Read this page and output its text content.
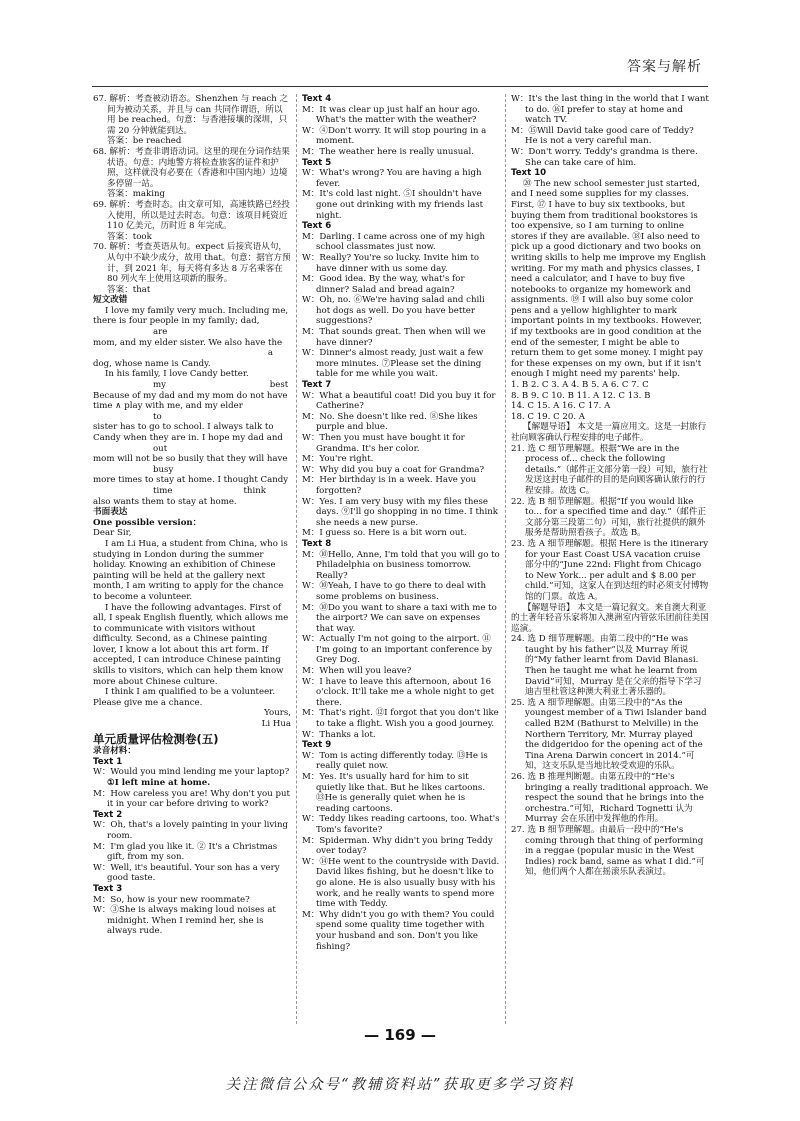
答案与解析

67. 解析：考查被动语态。Shenzhen 与 reach 之间为被动关系，并且与 can 共同作谓语，所以用 be reached。句意：与香港接壤的深圳，只需 20 分钟就能到达。

答案：be reached

68. 解析：考查非谓语动词。这里的现在分词作结果状语。句意：内地警方将检查旅客的证件和护照，这样就没有必要在（香港和中国内地）边境多停留一站。

答案：making

69. 解析：考查时态。由文章可知，高速铁路已经投入使用，所以是过去时态。句意：该项目耗资近 110 亿美元，历时近 8 年完成。

答案：took

70. 解析：考查英语从句。expect 后接宾语从句，从句中不缺少成分，故用 that。句意：据官方预计，到 2021 年，每天将有多达 8 万名乘客在 80 列火车上使用这项新的服务。

答案：that

短文改错

I love my family very much. Including me, there is four people in my family; dad,

are

mom, and my elder sister. We also have the

a

dog, whose name is Candy.

In his family, I love Candy better.

my                                      best

Because of my dad and my mom do not have time ∧ play with me, and my elder

to

sister has to go to school. I always talk to Candy when they are in. I hope my dad and

out

mom will not be so busily that they will have

busy

more times to stay at home. I thought Candy

time                          think

also wants them to stay at home.

书面表达

One possible version：

Dear Sir,

I am Li Hua, a student from China, who is studying in London during the summer holiday. Knowing an exhibition of Chinese painting will be held at the gallery next month, I am writing to apply for the chance to become a volunteer.

I have the following advantages. First of all, I speak English fluently, which allows me to communicate with visitors without difficulty. Second, as a Chinese painting lover, I know a lot about this art form. If accepted, I can introduce Chinese painting skills to visitors, which can help them know more about Chinese culture.

I think I am qualified to be a volunteer. Please give me a chance.

Yours,

Li Hua

单元质量评估检测卷(五)

录音材料：

Text 1

W：Would you mind lending me your laptop?

①I left mine at home.

M：How careless you are! Why don't you put it in your car before driving to work?

Text 2

W：Oh, that's a lovely painting in your living room.

M：I'm glad you like it. ② It's a Christmas gift, from my son.

W：Well, it's beautiful. Your son has a very good taste.

Text 3

M：So, how is your new roommate?

W：③She is always making loud noises at midnight. When I remind her, she is always rude.

Text 4

M：It was clear up just half an hour ago. What's the matter with the weather?

W：④Don't worry. It will stop pouring in a moment.

M：The weather here is really unusual.

Text 5

W：What's wrong? You are having a high fever.

M：It's cold last night. ⑤I shouldn't have gone out drinking with my friends last night.

Text 6

M：Darling. I came across one of my high school classmates just now.

W：Really? You're so lucky. Invite him to have dinner with us some day.

M：Good idea. By the way, what's for dinner? Salad and bread again?

W：Oh, no. ⑥We're having salad and chili hot dogs as well. Do you have better suggestions?

M：That sounds great. Then when will we have dinner?

W：Dinner's almost ready, just wait a few more minutes. ⑦Please set the dining table for me while you wait.

Text 7

W：What a beautiful coat! Did you buy it for Catherine?

M：No. She doesn't like red. ⑧She likes purple and blue.

W：Then you must have bought it for Grandma. It's her color.

M：You're right.

W：Why did you buy a coat for Grandma?

M：Her birthday is in a week. Have you forgotten?

W：Yes. I am very busy with my files these days. ⑨I'll go shopping in no time. I think she needs a new purse.

M：I guess so. Here is a bit worn out.

Text 8

M：⑩Hello, Anne, I'm told that you will go to Philadelphia on business tomorrow. Really?

W：⑩Yeah, I have to go there to deal with some problems on business.

M：⑩Do you want to share a taxi with me to the airport? We can save on expenses that way.

W：Actually I'm not going to the airport. ⑪ I'm going to an important conference by Grey Dog.

M：When will you leave?

W：I have to leave this afternoon, about 16 o'clock. It'll take me a whole night to get there.

M：That's right. ⑫I forgot that you don't like to take a flight. Wish you a good journey.

W：Thanks a lot.

Text 9

W：Tom is acting differently today. ⑬He is really quiet now.

M：Yes. It's usually hard for him to sit quietly like that. But he likes cartoons. ⑬He is generally quiet when he is reading cartoons.

W：Teddy likes reading cartoons, too. What's Tom's favorite?

M：Spiderman. Why didn't you bring Teddy over today?

W：⑭He went to the countryside with David. David likes fishing, but he doesn't like to go alone. He is also usually busy with his work, and he really wants to spend more time with Teddy.

M：Why didn't you go with them? You could spend some quality time together with your husband and son. Don't you like fishing?

W：It's the last thing in the world that I want to do. ⑯I prefer to stay at home and watch TV.

M：⑮Will David take good care of Teddy? He is not a very careful man.

W：Don't worry. Teddy's grandma is there. She can take care of him.

Text 10

⑳ The new school semester just started, and I need some supplies for my classes. First, ⑰ I have to buy six textbooks, but buying them from traditional bookstores is too expensive, so I am turning to online stores if they are available. ⑱I also need to pick up a good dictionary and two books on writing skills to help me improve my English writing. For my math and physics classes, I need a calculator, and I have to buy five notebooks to organize my homework and assignments. ⑲ I will also buy some color pens and a yellow highlighter to mark important points in my textbooks. However, if my textbooks are in good condition at the end of the semester, I might be able to return them to get some money. I might pay for these expenses on my own, but if it isn't enough I might need my parents' help.

1. B 2. C 3. A 4. B 5. A 6. C 7. C

8. B 9. C 10. B 11. A 12. C 13. B

14. C 15. A 16. C 17. A

18. C 19. C 20. A

【解题导语】 本文是一篇应用文。这是一封旅行社向顾客确认行程安排的电子邮件。

21. 选 C 细节理解题。根据“We are in the process of... check the following details.”（邮件正文部分第一段）可知，旅行社发送这封电子邮件的目的是向顾客确认旅行的行程安排。故选 C。

22. 选 B 细节理解题。根据“If you would like to... for a specified time and day.”（邮件正文部分第三段第二句）可知，旅行社提供的额外服务是帮助照看孩子。故选 B。

23. 选 A 细节理解题。根据 Here is the itinerary for your East Coast USA vacation cruise 部分中的“June 22nd: Flight from Chicago to New York... per adult and $ 8.00 per child.”可知，这家人在到达纽约时必须支付博物馆的门票。故选 A。

【解题导语】 本文是一篇记叙文。来自澳大利亚的土著年轻音乐家将加入澳洲室内管弦乐团前往美国巡演。

24. 选 D 细节理解题。由第二段中的“He was taught by his father”以及 Murray 所说的“My father learnt from David Blanasi. Then he taught me what he learnt from David”可知，Murray 是在父亲的指导下学习迪吉里杜管这种澳大利亚土著乐器的。

25. 选 A 细节理解题。由第三段中的“As the youngest member of a Tiwi Islander band called B2M (Bathurst to Melville) in the Northern Territory, Mr. Murray played the didgeridoo for the opening act of the Tina Arena Darwin concert in 2014.”可知，这支乐队是当地比较受欢迎的乐队。

26. 选 B 推理判断题。由第五段中的“He's bringing a really traditional approach. We respect the sound that he brings into the orchestra.”可知，Richard Tognetti 认为 Murray 会在乐团中发挥他的作用。

27. 选 B 细节理解题。由最后一段中的“He's coming through that thing of performing in a reggae (popular music in the West Indies) rock band, same as what I did.”可知，他们两个人都在摇滚乐队表演过。

— 169 —
关注微信公众号“教辅资料站”获取更多学习资料
